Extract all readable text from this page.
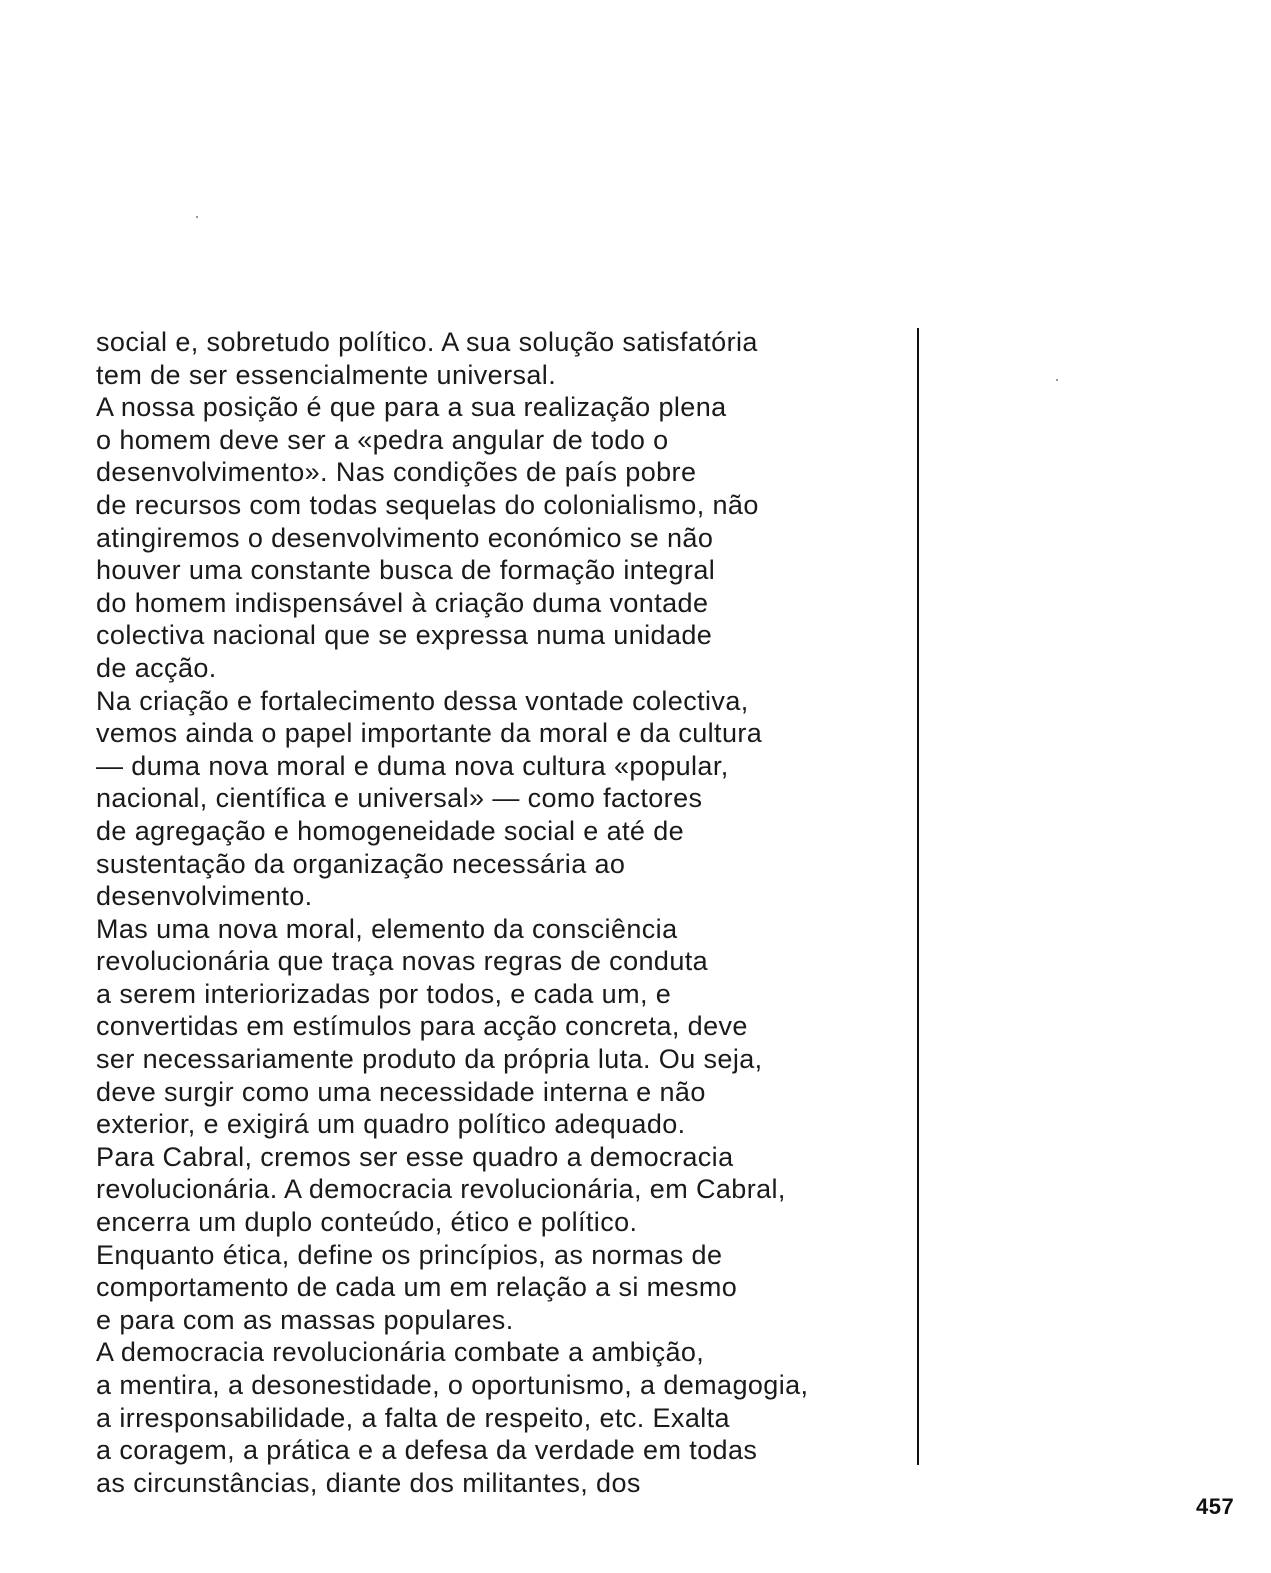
social e, sobretudo político. A sua solução satisfatória
tem de ser essencialmente universal.
A nossa posição é que para a sua realização plena
o homem deve ser a «pedra angular de todo o
desenvolvimento». Nas condições de país pobre
de recursos com todas sequelas do colonialismo, não
atingiremos o desenvolvimento económico se não
houver uma constante busca de formação integral
do homem indispensável à criação duma vontade
colectiva nacional que se expressa numa unidade
de acção.
Na criação e fortalecimento dessa vontade colectiva,
vemos ainda o papel importante da moral e da cultura
— duma nova moral e duma nova cultura «popular,
nacional, científica e universal» — como factores
de agregação e homogeneidade social e até de
sustentação da organização necessária ao
desenvolvimento.
Mas uma nova moral, elemento da consciência
revolucionária que traça novas regras de conduta
a serem interiorizadas por todos, e cada um, e
convertidas em estímulos para acção concreta, deve
ser necessariamente produto da própria luta. Ou seja,
deve surgir como uma necessidade interna e não
exterior, e exigirá um quadro político adequado.
Para Cabral, cremos ser esse quadro a democracia
revolucionária. A democracia revolucionária, em Cabral,
encerra um duplo conteúdo, ético e político.
Enquanto ética, define os princípios, as normas de
comportamento de cada um em relação a si mesmo
e para com as massas populares.
A democracia revolucionária combate a ambição,
a mentira, a desonestidade, o oportunismo, a demagogia,
a irresponsabilidade, a falta de respeito, etc. Exalta
a coragem, a prática e a defesa da verdade em todas
as circunstâncias, diante dos militantes, dos
457
